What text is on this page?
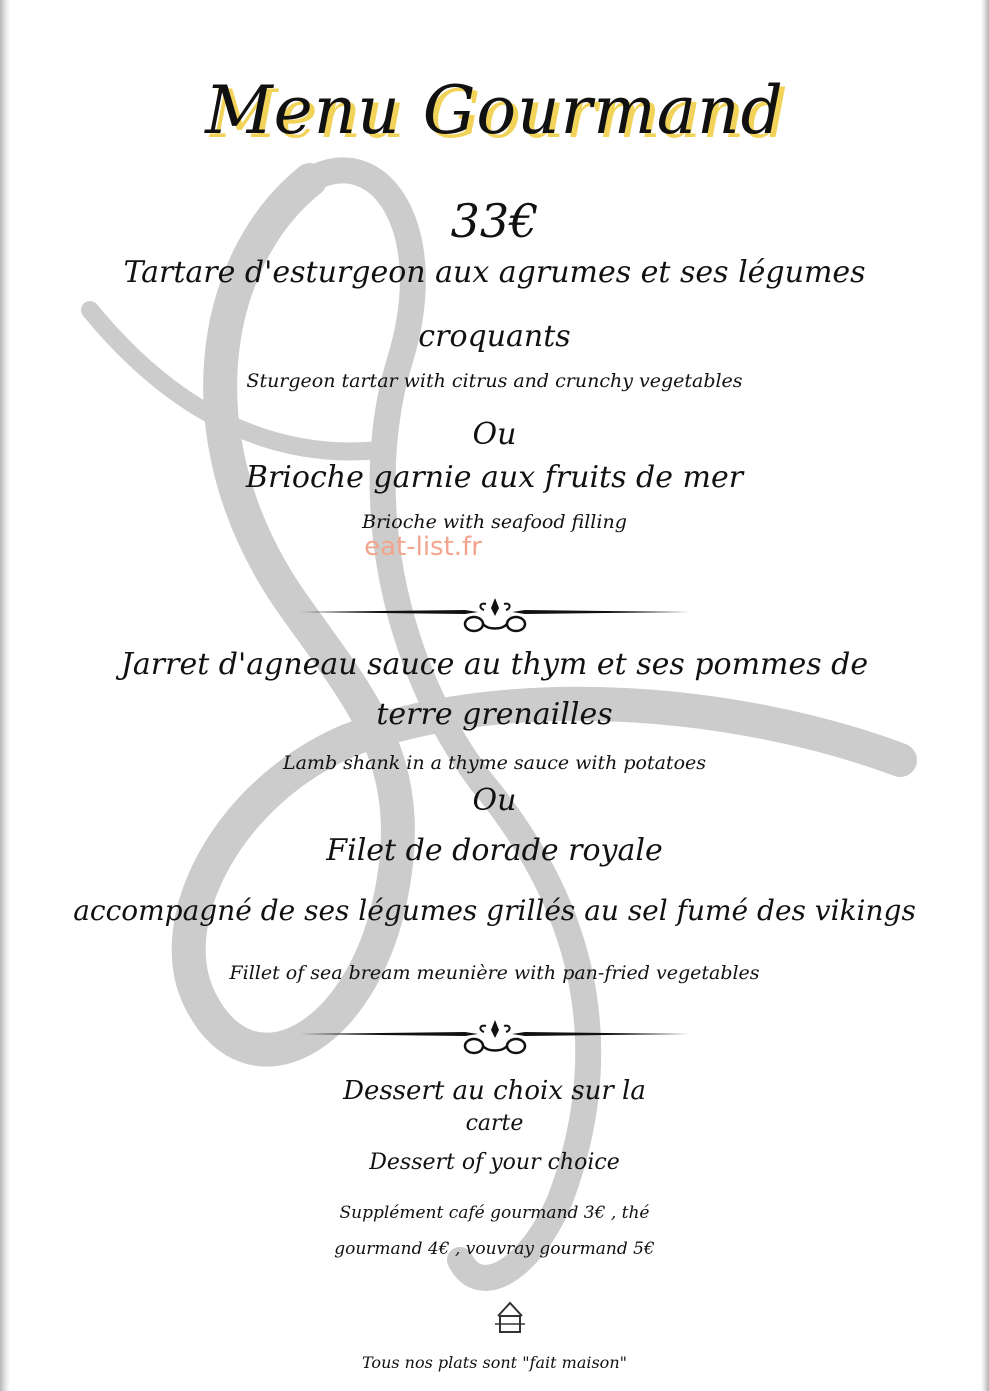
Menu Gourmand
33€
Tartare d'esturgeon aux agrumes et ses légumes
croquants
Sturgeon tartar with citrus and crunchy vegetables
Ou
Brioche garnie aux fruits de mer
Brioche with seafood filling
eat-list.fr
Jarret d'agneau sauce au thym et ses pommes de
terre grenailles
Lamb shank in a thyme sauce with potatoes
Ou
Filet de dorade royale
accompagné de ses légumes grillés au sel fumé des vikings
Fillet of sea bream meunière with pan-fried vegetables
Dessert au choix sur la
carte
Dessert of your choice
Supplément café gourmand 3€ , thé
gourmand 4€ , vouvray gourmand 5€
Tous nos plats sont "fait maison"
